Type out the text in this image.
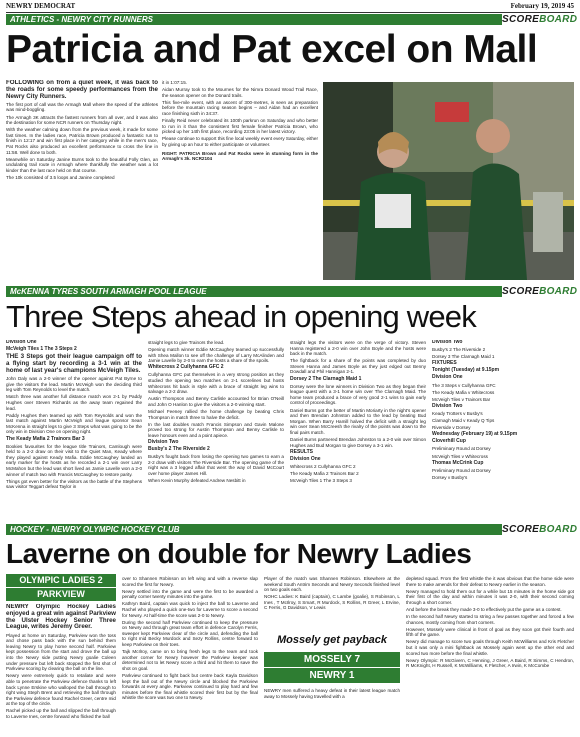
NEWRY DEMOCRAT	February 19, 2019 45
ATHLETICS - NEWRY CITY RUNNERS	SCOREBOARD
Patricia and Pat excel on Mall

FOLLOWING on from a quiet week, it was back to the roads for some speedy performances from the Newry City Runners.

The first port of call was the Armagh Mall where the speed of the athletes was mind-boggling.

The Armagh 3K attracts the fastest runners from all over, and it was also the destination for some NCR runners on Thursday night.

With the weather calming down from the previous week, it made for some fast times. In the ladies race, Patricia Brown produced a fantastic run to finish in 12:17 and win first place in her category while in the men's race, Pat Rocks also produced an excellent performance to cross the line in 11:58. Well done to both.

Meanwhile on Saturday Janine Burns took to the beautiful Folly Glen, an undulating trail route in Armagh where thankfully the weather was a lot kinder than the last race held on that course.

The 10k consisted of 3.5 loops and Janine completed

it in 1:07:15.

Aidan Murray took to the Mournes for the Nimra Donard Wood Trail Race, the season opener on the Donard trails.

This five-mile event, with an ascent of 300-metres, is seen as preparation before the mountain racing season begins – and Aidan had an excellent race finishing sixth in 34:37.

Finally Reid never celebrated its 100th parkrun on Saturday and who better to run in it than the consistent first female finisher Patricia Brown, who picked up her 14th first place, recording 23:05 in her latest victory.

Please continue to support this fine local weekly event every Saturday, either by giving up an hour to either participate or volunteer.

RIGHT: PATRICIA Brown and Pat Rocks were in stunning form in the Armagh's 3k. NCR2104

McKENNA TYRES SOUTH ARMAGH POOL LEAGUE	SCOREBOARD
Three Steps ahead in opening week

Division One

McVeigh Tiles 1 The 3 Steps 2

THE 3 Steps got their league campaign off to a flying start by recording a 3-1 win at the home of last year's champions McVeigh Tiles.

John Daly was a 2-0 winner of the opener against Pat Byrne to give the visitors the lead. Martin McVeigh won the deciding third leg with Tom Reynolds to level the match.

Match three was another full distance match won 2-1 by Paddy Hughes over Steven Richards as the away team regained the lead.

Paddy Hughes then teamed up with Tom Reynolds and won the last match against Martin McVeigh and league sponsor Sean McKenna in straight legs to give 3 Steps what was going to be the only win in Division One on opening night.

The Keady Mafia 2 Trainors Bar 3

Bookies favourites for the league title Trainors, Camlough were held to a 2-2 draw on their visit to the Quiet Man, Keady where they played against Keady Mafia. Eddie McCaughey landed an early marker for the hosts as he recorded a 2-1 win over Larry McMahon but the lead was short lived as Jamie Lavelle won a 2-0 winner of match two with Francis McCaughey to restore parity.

Things got even better for the visitors as the battle of the Stephens saw visitor Teggart defeat Taylor in

straight legs to give Trainors the lead.

Opening match winner Eddie McCaughey teamed up successfully with Shea Mallon to see off the challenge of Larry McAlinden and Jamie Lavelle by 2-0 to earn the hosts a share of the spoils.

Whitecross 2 Cullyhanna GFC 2

Cullyhanna GFC put themselves in a very strong position as they studied the opening two matches on 2-1 scorelines but hosts Whitecross hit back in style with a brace of straight leg wins to salvage a 2-2 draw.

Austin Thompson and Benny Carlisle accounted for Brian O'Neill and John O Hanlon to give the visitors a 2-0 winning start.

Michael Feeney rallied the home challenge by beating Chris Thompson in match three to halve the deficit.

In the last doubles match Francis Simpson and Gavin Malone proved too strong for Austin Thompson and Benny Carlisle to leave honours even and a point apiece.

Division Two

Busby's 2 The Riverside 2

Busby's fought back from losing the opening two games to earn a 2-2 draw with visitors The Riverside Bar. The opening game of the night was a 3 legged affair that went the way of David McCourt over home player James Hill.

When Kevin Murphy defeated Andrew Nesbitt in

straight legs the visitors were on the verge of victory. Steven Hanna registered a 2-0 win over John Boyle and the hosts were back in the match.

The fightback for a share of the points was completed by duo Steven Hanna and James Boyle as they just edged out Benny Dowdall and Phil Hannigan 2-1.

Dorsey 2 The Clarnagh Maid 1

Dorsey were the lone winners in Division Two as they began their league quest with a 3-1 home win over The Clarnagh Maid. The home team produced a brace of very good 2-1 wins to gain early control of proceedings.

Daniel Burns got the better of Martin Moriarty in the night's opener and then Brendan Johnston added to the lead by beating Bud Morgan. When Barry Hamill halved the deficit with a straight leg win over Sean McCreesh the rivalry of the points was down to the final pairs match.

Daniel Burns partnered Brendan Johnston to a 2-0 win over Simon Hughes and Bud Morgan to give Dorsey a 3-1 win.

RESULTS

Division One

Whitecross 2 Cullyhanna GFC 2

The Keady Mafia 2 Trainors Bar 2

McVeigh Tiles 1 The 3 Steps 3

Division Two

Busby's 2 The Riverside 2

Dorsey 3 The Clarnagh Maid 1

FIXTURES

Tonight (Tuesday) at 9.15pm

Division One

The 3 Steps v Cullyhanna GFC

The Keady Mafia v Whitecross

McVeigh Tiles v Trainors Bar

Division Two

Keady Trotters v Busby's

Clarnagh Maid v Keady Q Tips

Riverside v Dorsey

Wednesday (February 19) at 9.15pm

Cloverhill Cup

Preliminary Round at Dorsey

McVeigh Tiles v Whitecross

Thomas McCrink Cup

Preliminary Round at Dorsey

Dorsey v Busby's

HOCKEY - NEWRY OLYMPIC HOCKEY CLUB	SCOREBOARD
Laverne on double for Newry Ladies
OLYMPIC LADIES 2
PARKVIEW

NEWRY Olympic Hockey Ladies enjoyed a great win against Parkview the Ulster Hockey Senior Three League, writes Jeremy Greer.

Played at home on Saturday, Parkview won the toss and chose pass back with the sun behind them leaving Newry to play home second half. Parkview kept possession from the start and drove the ball up into the Newry side putting Newry goalie Coleen under pressure but left back stopped the first shot of Parkview scoring by clearing the ball on the line.

Newry were extremely quick to retaliate and were able to penetrate the Parkview defence thanks to left back Lynne Erskine who walloped the ball through to right wing Steph Brent and retrieving the ball through the Parkview defence found Rachel Greer, centre mid at the top of the circle.

Rachel picked up the ball and slipped the ball through to Laverne Ines, centre forward who flicked the ball

over to Shannen Robinson on left wing and with a reverse slap scored the first for Newry.

Newry settled into the game and were the first to be awarded a penalty corner twenty minutes into the game.

Kathryn Baird, captain was quick to inject the ball to Laverne and Rachel who played a quick one-two for Laverne to score a second for Newry. At half-time the score was 2-0 to Newry.

During the second half Parkview continued to keep the pressure on Newry and through great team effort in defence Carolyn Ferris, sweeper kept Parkview clear of the circle and, defending the ball to right mid Becky Murdock and Sezy Rollins, centre forward to keep Parkview on their toes.

Tajk McIlroy, came on to bring fresh legs to the team and took another corner for Newry however the Parkview keeper was determined not to let Newry score a third and hit them to save the shot on goal.

Parkview continued to fight back but centre back Kayla Davidson kept the ball out of the Newry circle and blocked the Parkview forwards at every angle. Parkview continued to play hard and few minutes before the final whistle scored their first but by the final whistle the score was two one to Newry.

Player of the match was Shannen Robinson. Elsewhere at the weekend South Antrim Seconds and Newry Seconds finished level on two goals each.

NOHC Ladies: K Baird (captain), C Lambe (goalie), S Robinson, L Ines , T McIlroy, S Smart, R Murdock, S Rollins, R Greer, L Ervine, C Ferris, G Davidson, V Lewis

Mossely get payback
MOSSELY 7
NEWRY 1

NEWRY men suffered a heavy defeat in their latest league match away to Mossely having travelled with a

depleted squad. From the first whistle the it was obvious that the home side were there to make amends for their defeat to Newry earlier in the season.

Newry managed to hold them out for a while but 15 minutes in the home side got their first of the day and within minutes it was 2-0, with their second coming through a short corner.

And before the break they made 3-0 to effectively put the game as a contest.

In the second half Newry started to string a few passes together and forced a few chances, mostly coming from short corners.

However, Mossely were clinical in front of goal as they soon got their fourth and fifth of the game.

Newry did manage to score two goals through Keith McWilliams and Kris Fletcher but it was only a mini fightback as Mossely again went up the other end and scored two more before the final whistle.

Newry Olympic: R McGivern, C Henning, J Greer, A Baird, R Simms, C Hendron, R McKnight, H Russell, K McWilliams, K Fletcher, A Irwin, K McCombe
